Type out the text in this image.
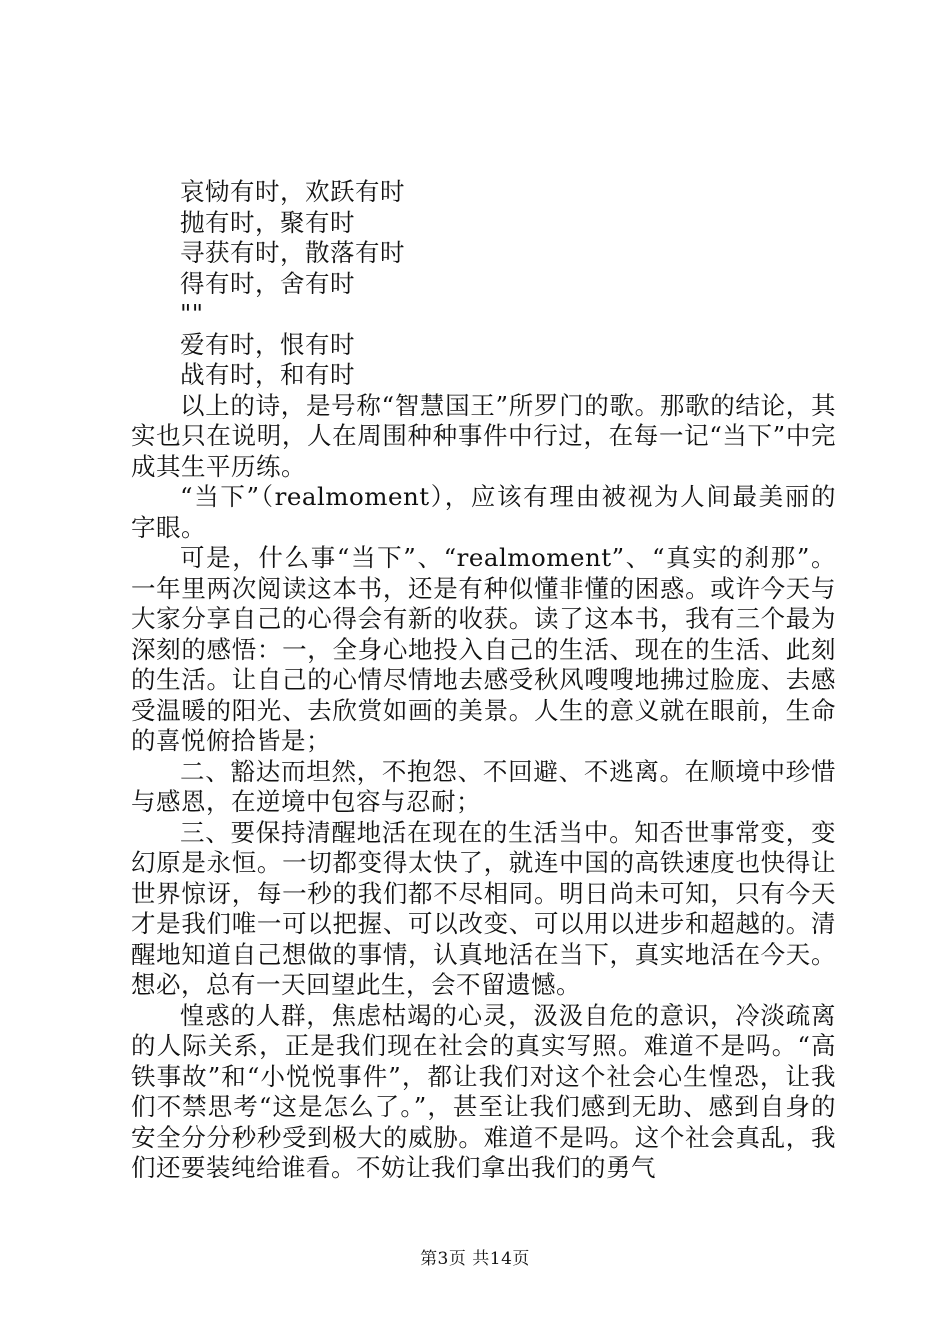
哀恸有时，欢跃有时
抛有时，聚有时
寻获有时，散落有时
得有时，舍有时
""
爱有时，恨有时
战有时，和有时

以上的诗，是号称“智慧国王”所罗门的歌。那歌的结论，其实也只在说明，人在周围种种事件中行过，在每一记“当下”中完成其生平历练。

“当下”（realmoment），应该有理由被视为人间最美丽的字眼。

可是，什么事“当下”、“realmoment”、“真实的刹那”。一年里两次阅读这本书，还是有种似懂非懂的困惑。或许今天与大家分享自己的心得会有新的收获。读了这本书，我有三个最为深刻的感悟：一，全身心地投入自己的生活、现在的生活、此刻的生活。让自己的心情尽情地去感受秋风嗖嗖地拂过脸庞、去感受温暖的阳光、去欣赏如画的美景。人生的意义就在眼前，生命的喜悦俯拾皆是；

二、豁达而坦然，不抱怨、不回避、不逃离。在顺境中珍惜与感恩，在逆境中包容与忍耐；

三、要保持清醒地活在现在的生活当中。知否世事常变，变幻原是永恒。一切都变得太快了，就连中国的高铁速度也快得让世界惊讶，每一秒的我们都不尽相同。明日尚未可知，只有今天才是我们唯一可以把握、可以改变、可以用以进步和超越的。清醒地知道自己想做的事情，认真地活在当下，真实地活在今天。想必，总有一天回望此生，会不留遗憾。

惶惑的人群，焦虑枯竭的心灵，汲汲自危的意识，冷淡疏离的人际关系，正是我们现在社会的真实写照。难道不是吗。“高铁事故”和“小悦悦事件”，都让我们对这个社会心生惶恐，让我们不禁思考“这是怎么了。”，甚至让我们感到无助、感到自身的安全分分秒秒受到极大的威胁。难道不是吗。这个社会真乱，我们还要装纯给谁看。不妨让我们拿出我们的勇气

第3页 共14页
